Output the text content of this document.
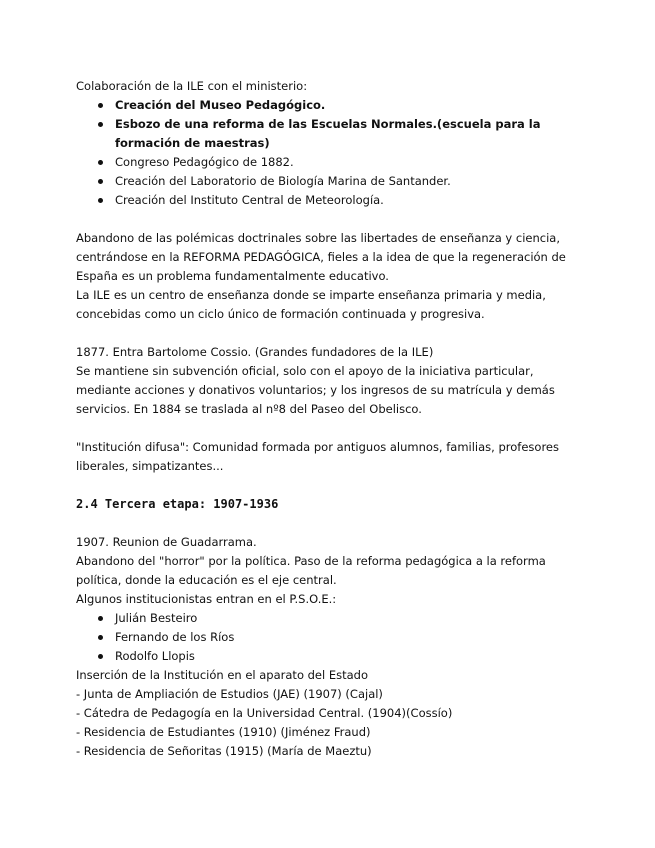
Colaboración de la ILE con el ministerio:

Creación del Museo Pedagógico.
Esbozo de una reforma de las Escuelas Normales.(escuela para la formación de maestras)
Congreso Pedagógico de 1882.
Creación del Laboratorio de Biología Marina de Santander.
Creación del Instituto Central de Meteorología.

Abandono de las polémicas doctrinales sobre las libertades de enseñanza y ciencia, centrándose en la REFORMA PEDAGÓGICA, fieles a la idea de que la regeneración de España es un problema fundamentalmente educativo.

La ILE es un centro de enseñanza donde se imparte enseñanza primaria y media, concebidas como un ciclo único de formación continuada y progresiva.

1877. Entra Bartolome Cossio. (Grandes fundadores de la ILE)

Se mantiene sin subvención oficial, solo con el apoyo de la iniciativa particular, mediante acciones y donativos voluntarios; y los ingresos de su matrícula y demás servicios. En 1884 se traslada al nº8 del Paseo del Obelisco.

"Institución difusa": Comunidad formada por antiguos alumnos, familias, profesores liberales, simpatizantes...

2.4 Tercera etapa: 1907-1936

1907. Reunion de Guadarrama.

Abandono del "horror" por la política. Paso de la reforma pedagógica a la reforma política, donde la educación es el eje central.

Algunos institucionistas entran en el P.S.O.E.:

Julián Besteiro
Fernando de los Ríos
Rodolfo Llopis

Inserción de la Institución en el aparato del Estado

- Junta de Ampliación de Estudios (JAE) (1907) (Cajal)

- Cátedra de Pedagogía en la Universidad Central. (1904)(Cossío)

- Residencia de Estudiantes (1910) (Jiménez Fraud)

- Residencia de Señoritas (1915) (María de Maeztu)
